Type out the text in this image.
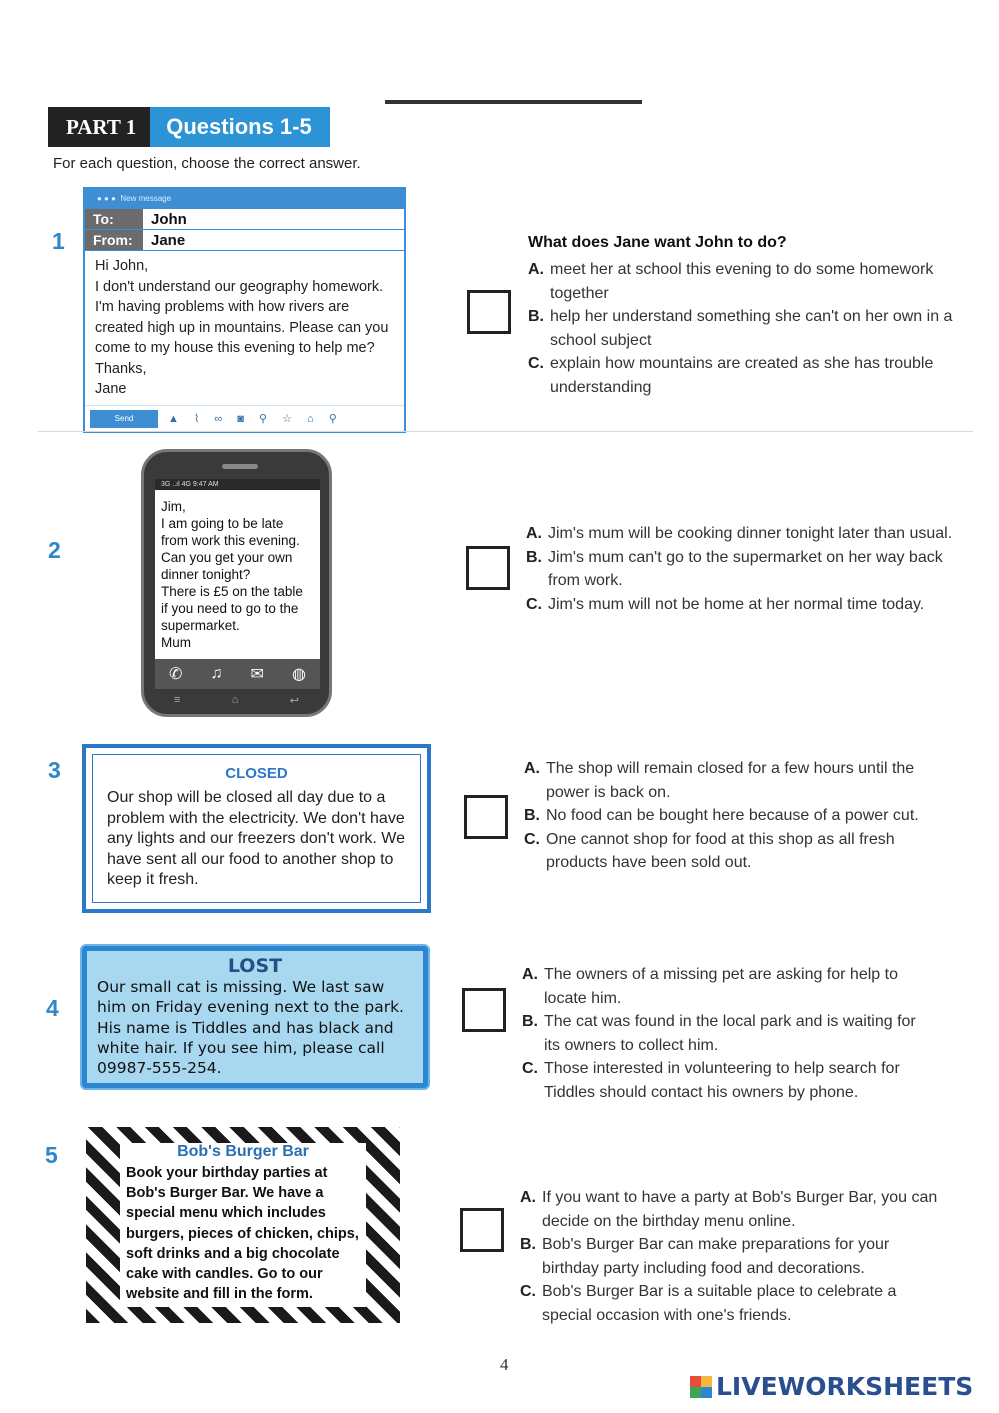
PART 1	Questions 1-5
For each question, choose the correct answer.
1
● ● ●  New message
To:	John
From:	Jane
Hi John,
I don't understand our geography homework.
I'm having problems with how rivers are
created high up in mountains. Please can you
come to my house this evening to help me?
Thanks,
Jane
Send	▲ ⌇ ∞ ◙ ⚲ ☆ ⌂ ⚲
What does Jane want John to do?
A. meet her at school this evening to do some homework together
B. help her understand something she can't on her own in a school subject
C. explain how mountains are created as she has trouble understanding
2
3G ..ıl 4G 9:47 AM
Jim,
I am going to be late
from work this evening.
Can you get your own
dinner tonight?
There is £5 on the table
if you need to go to the
supermarket.
Mum
✆ ♫ ✉ ◍
≡	⌂	↩
A. Jim's mum will be cooking dinner tonight later than usual.
B. Jim's mum can't go to the supermarket on her way back from work.
C. Jim's mum will not be home at her normal time today.
3	CLOSED
Our shop will be closed all day due to a problem with the electricity. We don't have any lights and our freezers don't work. We have sent all our food to another shop to keep it fresh.
A. The shop will remain closed for a few hours until the power is back on.
B. No food can be bought here because of a power cut.
C. One cannot shop for food at this shop as all fresh products have been sold out.
4
LOST
Our small cat is missing. We last saw him on Friday evening next to the park. His name is Tiddles and has black and white hair. If you see him, please call 09987-555-254.
A. The owners of a missing pet are asking for help to locate him.
B. The cat was found in the local park and is waiting for its owners to collect him.
C. Those interested in volunteering to help search for Tiddles should contact his owners by phone.
5	Bob's Burger Bar
Book your birthday parties at Bob's Burger Bar. We have a special menu which includes burgers, pieces of chicken, chips, soft drinks and a big chocolate cake with candles. Go to our website and fill in the form.
A. If you want to have a party at Bob's Burger Bar, you can decide on the birthday menu online.
B. Bob's Burger Bar can make preparations for your birthday party including food and decorations.
C. Bob's Burger Bar is a suitable place to celebrate a special occasion with one's friends.
4
LIVEWORKSHEETS
